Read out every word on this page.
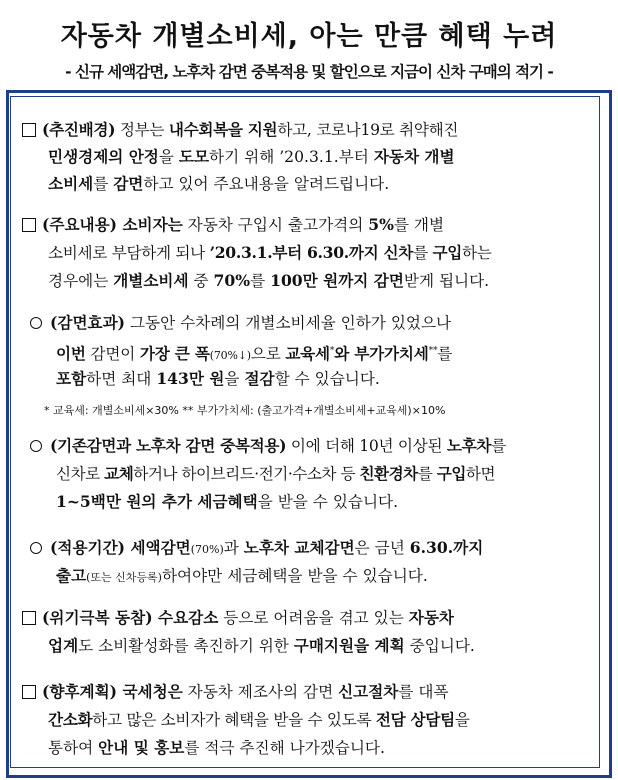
자동차 개별소비세, 아는 만큼 혜택 누려
- 신규 세액감면, 노후차 감면 중복적용 및 할인으로 지금이 신차 구매의 적기 -
(추진배경) 정부는 내수회복을 지원하고, 코로나19로 취약해진
민생경제의 안정을 도모하기 위해 ’20.3.1.부터 자동차 개별
소비세를 감면하고 있어 주요내용을 알려드립니다.
(주요내용) 소비자는 자동차 구입시 출고가격의 5%를 개별
소비세로 부담하게 되나 ’20.3.1.부터 6.30.까지 신차를 구입하는
경우에는 개별소비세 중 70%를 100만 원까지 감면받게 됩니다.
(감면효과) 그동안 수차례의 개별소비세율 인하가 있었으나
이번 감면이 가장 큰 폭(70%↓)으로 교육세*와 부가가치세**를
포함하면 최대 143만 원을 절감할 수 있습니다.
* 교육세: 개별소비세×30% ** 부가가치세: (출고가격+개별소비세+교육세)×10%
(기존감면과 노후차 감면 중복적용) 이에 더해 10년 이상된 노후차를
신차로 교체하거나 하이브리드·전기·수소차 등 친환경차를 구입하면
1~5백만 원의 추가 세금혜택을 받을 수 있습니다.
(적용기간) 세액감면(70%)과 노후차 교체감면은 금년 6.30.까지
출고(또는 신차등록)하여야만 세금혜택을 받을 수 있습니다.
(위기극복 동참) 수요감소 등으로 어려움을 겪고 있는 자동차
업계도 소비활성화를 촉진하기 위한 구매지원을 계획 중입니다.
(향후계획) 국세청은 자동차 제조사의 감면 신고절차를 대폭
간소화하고 많은 소비자가 혜택을 받을 수 있도록 전담 상담팀을
통하여 안내 및 홍보를 적극 추진해 나가겠습니다.
